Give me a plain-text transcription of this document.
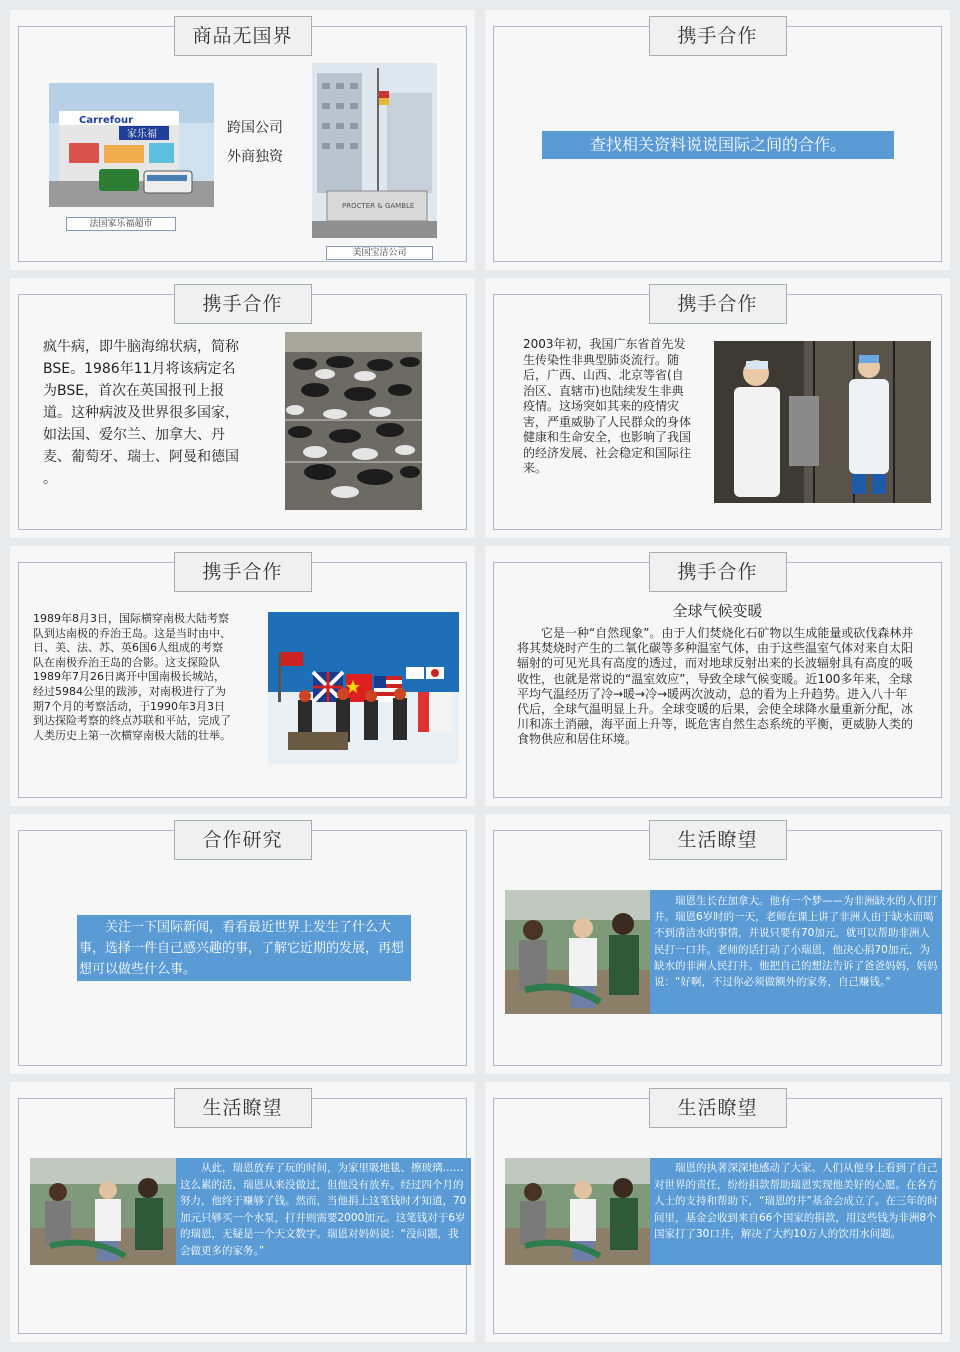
商品无国界
Carrefour
家乐福
法国家乐福超市
跨国公司
外商独资
PROCTER & GAMBLE
美国宝洁公司
携手合作
查找相关资料说说国际之间的合作。
携手合作
疯牛病，即牛脑海绵状病，简称BSE。1986年11月将该病定名为BSE，首次在英国报刊上报道。这种病波及世界很多国家，如法国、爱尔兰、加拿大、丹麦、葡萄牙、瑞士、阿曼和德国 。
携手合作
2003年初，我国广东省首先发生传染性非典型肺炎流行。随后，广西、山西、北京等省(自治区、直辖市)也陆续发生非典疫情。这场突如其来的疫情灾害，严重威胁了人民群众的身体健康和生命安全，也影响了我国的经济发展、社会稳定和国际往来。
携手合作
1989年8月3日，国际横穿南极大陆考察队到达南极的乔治王岛。这是当时由中、日、美、法、苏、英6国6人组成的考察队在南极乔治王岛的合影。这支探险队1989年7月26日离开中国南极长城站，经过5984公里的跋涉，对南极进行了为期7个月的考察活动，于1990年3月3日到达探险考察的终点苏联和平站，完成了人类历史上第一次横穿南极大陆的壮举。
携手合作
全球气候变暖
它是一种“自然现象”。由于人们焚烧化石矿物以生成能量或砍伐森林并将其焚烧时产生的二氧化碳等多种温室气体，由于这些温室气体对来自太阳辐射的可见光具有高度的透过，而对地球反射出来的长波辐射具有高度的吸收性，也就是常说的“温室效应”，导致全球气候变暖。近100多年来，全球平均气温经历了冷→暖→冷→暖两次波动，总的看为上升趋势。进入八十年代后，全球气温明显上升。全球变暖的后果，会使全球降水量重新分配，冰川和冻土消融，海平面上升等，既危害自然生态系统的平衡，更威胁人类的食物供应和居住环境。
合作研究
关注一下国际新闻，看看最近世界上发生了什么大事，选择一件自己感兴趣的事，了解它近期的发展，再想想可以做些什么事。
生活瞭望
瑞恩生长在加拿大。他有一个梦——为非洲缺水的人们打井。瑞恩6岁时的一天，老师在课上讲了非洲人由于缺水而喝不到清洁水的事情，并说只要有70加元，就可以帮助非洲人民打一口井。老师的话打动了小瑞恩，他决心捐70加元，为缺水的非洲人民打井。他把自己的想法告诉了爸爸妈妈，妈妈说：“好啊，不过你必须做额外的家务，自己赚钱。”
生活瞭望
从此，瑞恩放弃了玩的时间，为家里吸地毯、擦玻璃……这么累的活，瑞恩从来没做过，但他没有放弃。经过四个月的努力，他终于赚够了钱。然而，当他捐上这笔钱时才知道，70加元只够买一个水泵，打井则需要2000加元。这笔钱对于6岁的瑞恩，无疑是一个天文数字。瑞恩对妈妈说：“没问题，我会做更多的家务。”
生活瞭望
瑞恩的执著深深地感动了大家。人们从他身上看到了自己对世界的责任，纷纷捐款帮助瑞恩实现他美好的心愿。在各方人士的支持和帮助下，“瑞恩的井”基金会成立了。在三年的时间里，基金会收到来自66个国家的捐款，用这些钱为非洲8个国家打了30口井，解决了大约10万人的饮用水问题。
